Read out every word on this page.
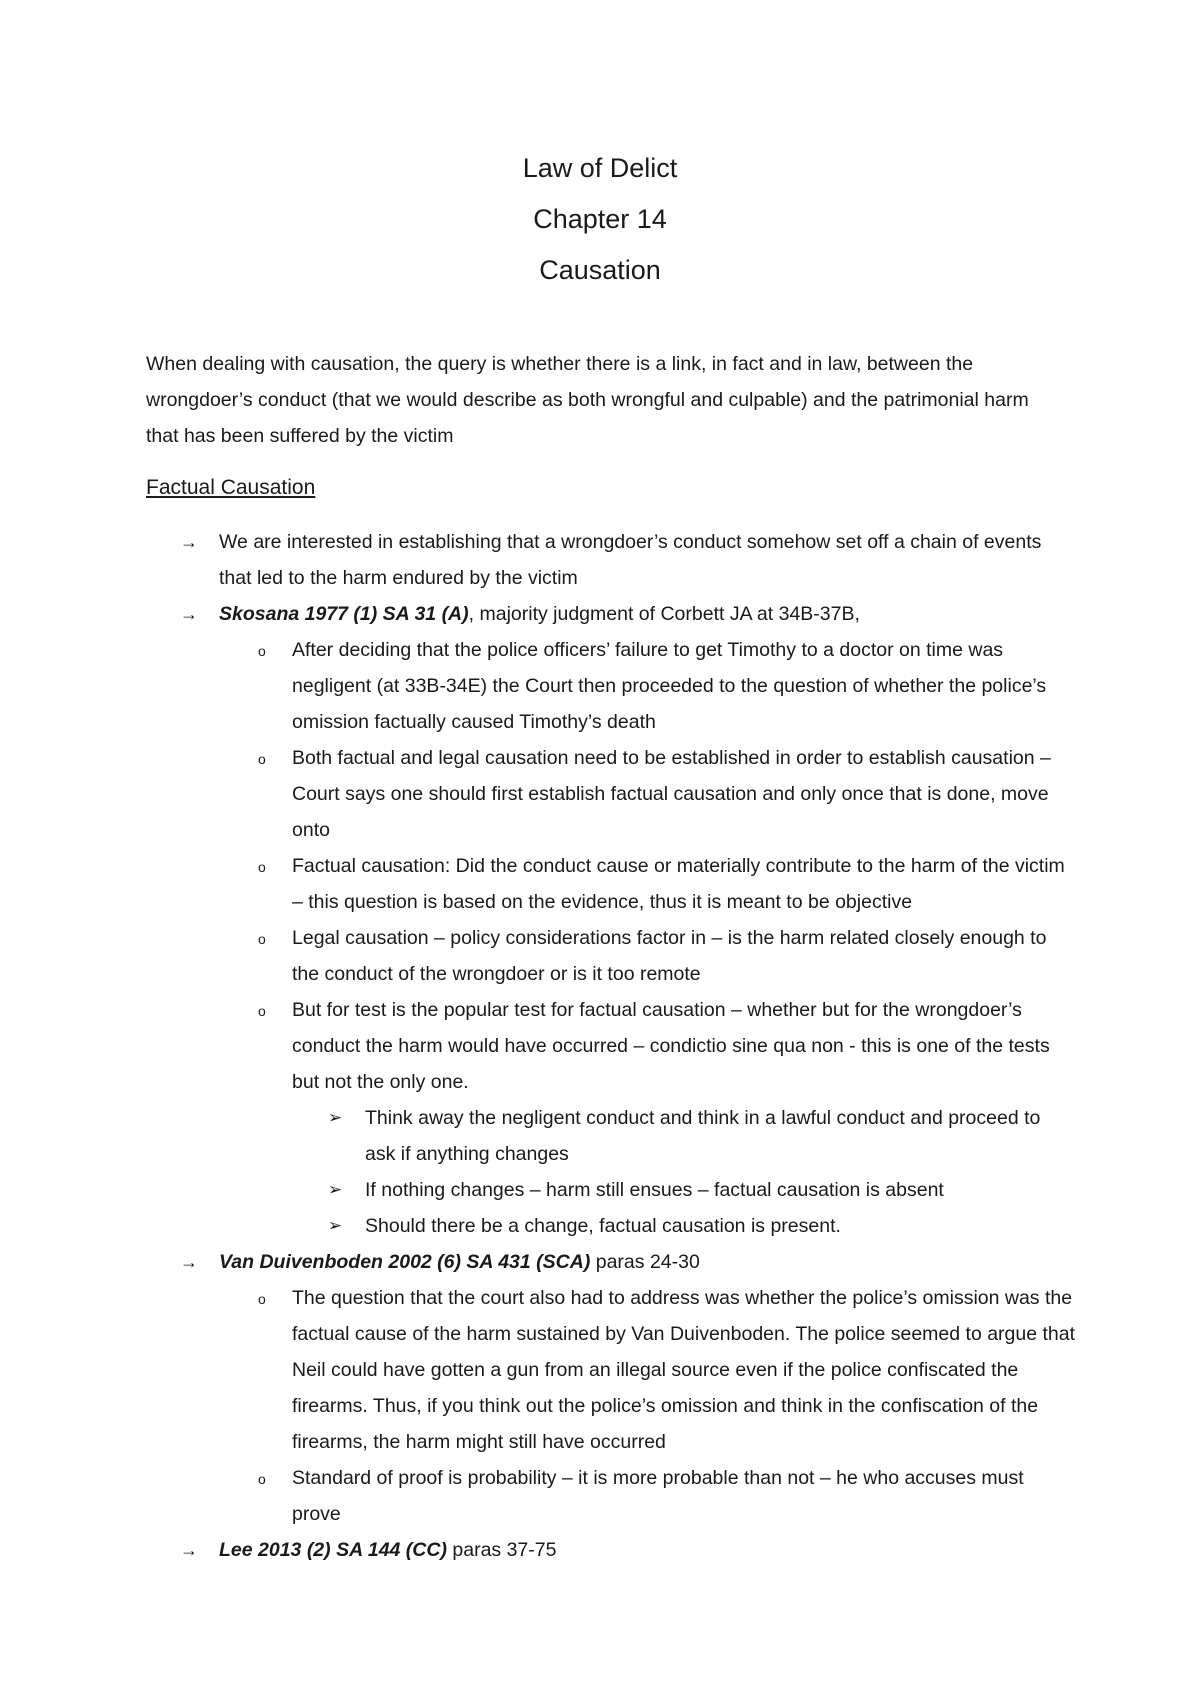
Law of Delict

Chapter 14

Causation

When dealing with causation, the query is whether there is a link, in fact and in law, between the wrongdoer’s conduct (that we would describe as both wrongful and culpable) and the patrimonial harm that has been suffered by the victim

Factual Causation

→ We are interested in establishing that a wrongdoer’s conduct somehow set off a chain of events that led to the harm endured by the victim
→ Skosana 1977 (1) SA 31 (A), majority judgment of Corbett JA at 34B-37B,
o After deciding that the police officers’ failure to get Timothy to a doctor on time was negligent (at 33B-34E) the Court then proceeded to the question of whether the police’s omission factually caused Timothy’s death
o Both factual and legal causation need to be established in order to establish causation – Court says one should first establish factual causation and only once that is done, move onto
o Factual causation: Did the conduct cause or materially contribute to the harm of the victim – this question is based on the evidence, thus it is meant to be objective
o Legal causation – policy considerations factor in – is the harm related closely enough to the conduct of the wrongdoer or is it too remote
o But for test is the popular test for factual causation – whether but for the wrongdoer’s conduct the harm would have occurred – condictio sine qua non - this is one of the tests but not the only one.
➢ Think away the negligent conduct and think in a lawful conduct and proceed to ask if anything changes
➢ If nothing changes – harm still ensues – factual causation is absent
➢ Should there be a change, factual causation is present.
→ Van Duivenboden 2002 (6) SA 431 (SCA) paras 24-30
o The question that the court also had to address was whether the police’s omission was the factual cause of the harm sustained by Van Duivenboden. The police seemed to argue that Neil could have gotten a gun from an illegal source even if the police confiscated the firearms. Thus, if you think out the police’s omission and think in the confiscation of the firearms, the harm might still have occurred
o Standard of proof is probability – it is more probable than not – he who accuses must prove
→ Lee 2013 (2) SA 144 (CC) paras 37-75
